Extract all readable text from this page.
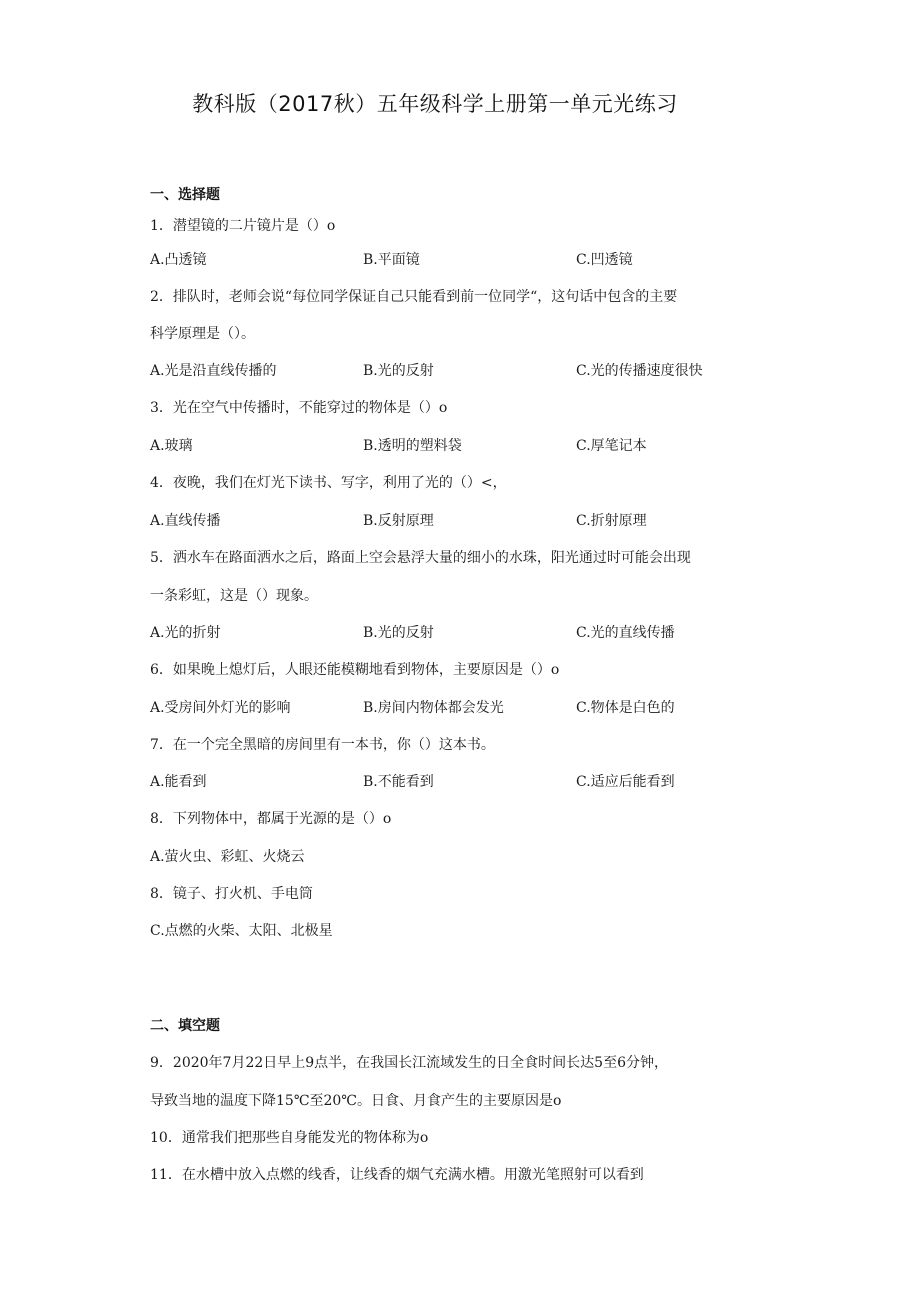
教科版（2017秋）五年级科学上册第一单元光练习
一、选择题
1．潜望镜的二片镜片是（）o
A.凸透镜	B.平面镜	C.凹透镜
2．排队时，老师会说“每位同学保证自己只能看到前一位同学“，这句话中包含的主要
科学原理是（）。
A.光是沿直线传播的	B.光的反射	C.光的传播速度很快
3．光在空气中传播时，不能穿过的物体是（）o
A.玻璃	B.透明的塑料袋	C.厚笔记本
4．夜晚，我们在灯光下读书、写字，利用了光的（）<，
A.直线传播	B.反射原理	C.折射原理
5．洒水车在路面洒水之后，路面上空会悬浮大量的细小的水珠，阳光通过时可能会出现
一条彩虹，这是（）现象。
A.光的折射	B.光的反射	C.光的直线传播
6．如果晚上熄灯后，人眼还能模糊地看到物体，主要原因是（）o
A.受房间外灯光的影响	B.房间内物体都会发光	C.物体是白色的
7．在一个完全黑暗的房间里有一本书，你（）这本书。
A.能看到	B.不能看到	C.适应后能看到
8．下列物体中，都属于光源的是（）o
A.萤火虫、彩虹、火烧云
8．镜子、打火机、手电筒
C.点燃的火柴、太阳、北极星
二、填空题
9．2020年7月22日早上9点半，在我国长江流域发生的日全食时间长达5至6分钟，
导致当地的温度下降15℃至20℃。日食、月食产生的主要原因是o
10．通常我们把那些自身能发光的物体称为o
11．在水槽中放入点燃的线香，让线香的烟气充满水槽。用激光笔照射可以看到
